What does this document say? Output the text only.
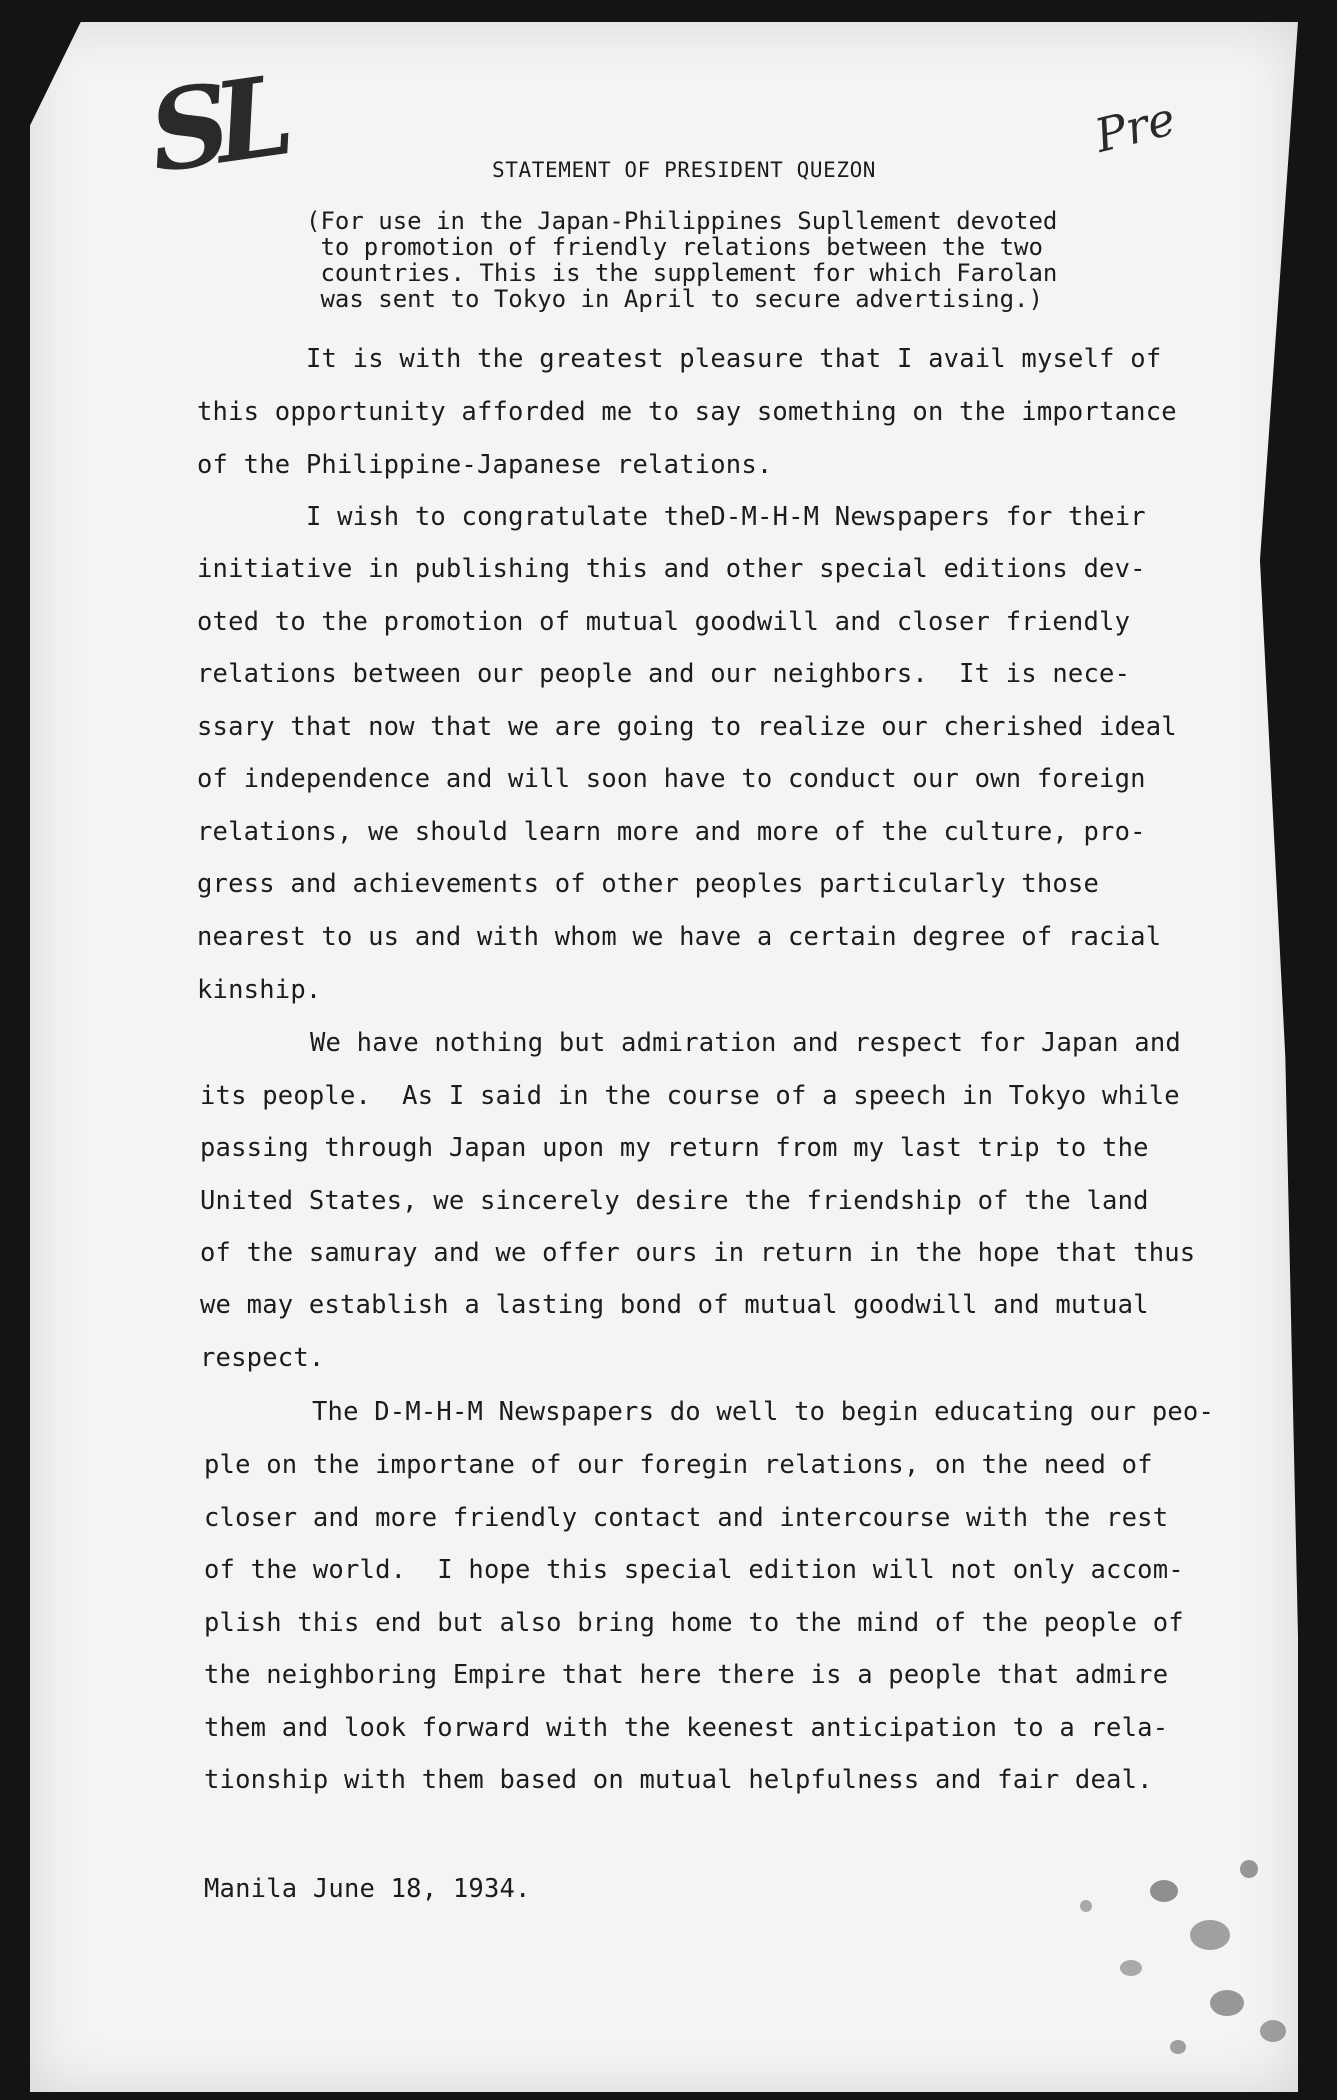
SL	Pre
STATEMENT OF PRESIDENT QUEZON
(For use in the Japan-Philippines Supllement devoted
to promotion of friendly relations between the two
countries. This is the supplement for which Farolan
was sent to Tokyo in April to secure advertising.)
It is with the greatest pleasure that I avail myself of
this opportunity afforded me to say something on the importance
of the Philippine-Japanese relations.
I wish to congratulate theD-M-H-M Newspapers for their
initiative in publishing this and other special editions dev-
oted to the promotion of mutual goodwill and closer friendly
relations between our people and our neighbors.  It is nece-
ssary that now that we are going to realize our cherished ideal
of independence and will soon have to conduct our own foreign
relations, we should learn more and more of the culture, pro-
gress and achievements of other peoples particularly those
nearest to us and with whom we have a certain degree of racial
kinship.
We have nothing but admiration and respect for Japan and
its people.  As I said in the course of a speech in Tokyo while
passing through Japan upon my return from my last trip to the
United States, we sincerely desire the friendship of the land
of the samuray and we offer ours in return in the hope that thus
we may establish a lasting bond of mutual goodwill and mutual
respect.
The D-M-H-M Newspapers do well to begin educating our peo-
ple on the importane of our foregin relations, on the need of
closer and more friendly contact and intercourse with the rest
of the world.  I hope this special edition will not only accom-
plish this end but also bring home to the mind of the people of
the neighboring Empire that here there is a people that admire
them and look forward with the keenest anticipation to a rela-
tionship with them based on mutual helpfulness and fair deal.
Manila June 18, 1934.
